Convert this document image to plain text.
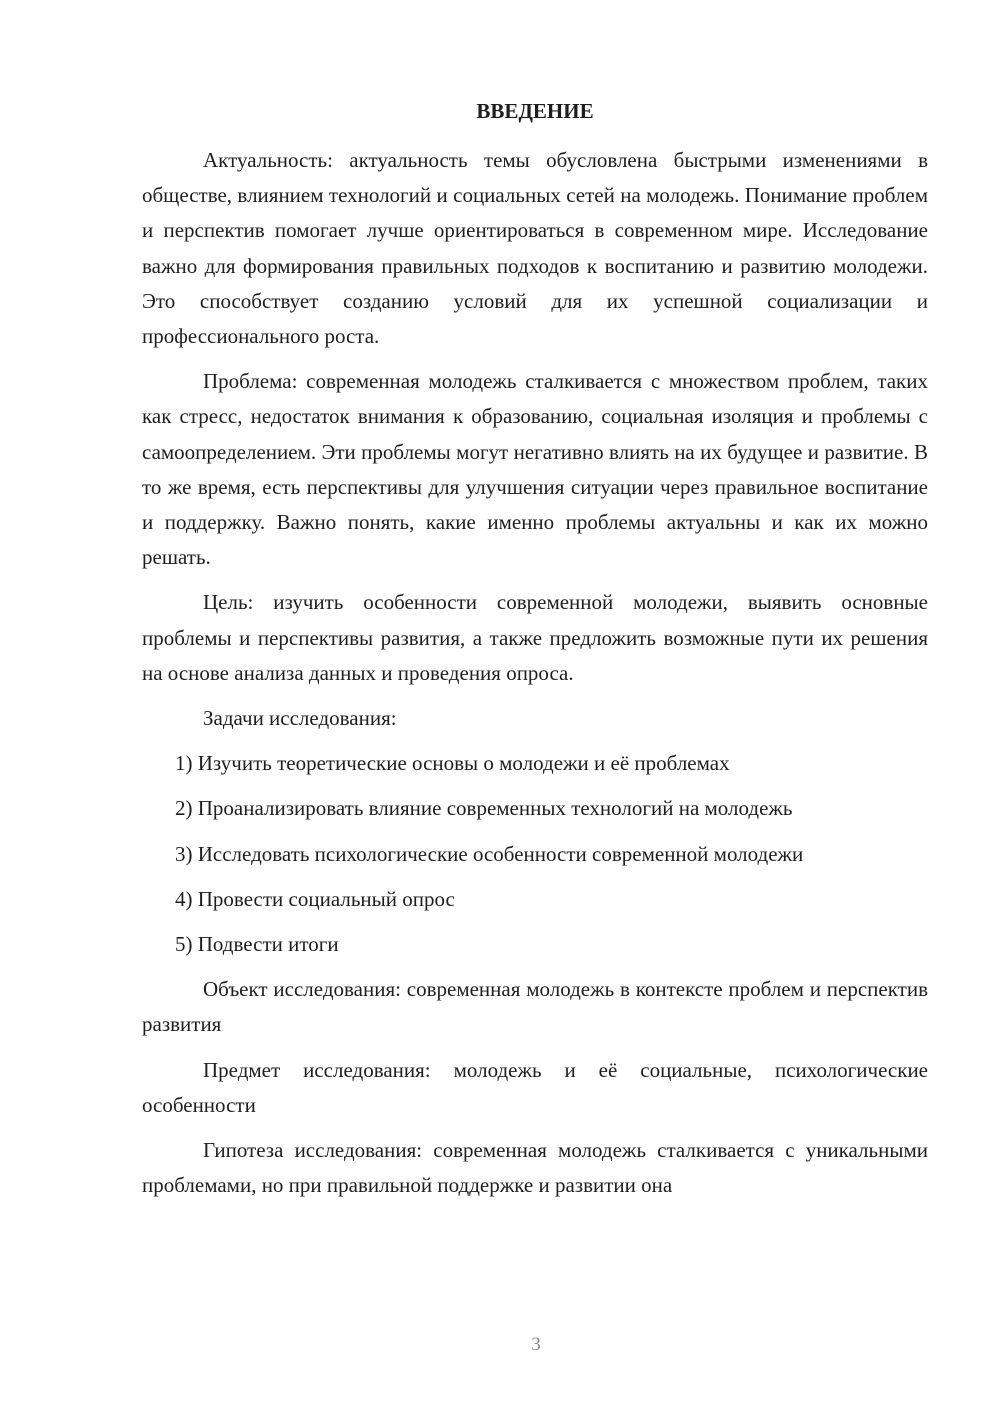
ВВЕДЕНИЕ

Актуальность: актуальность темы обусловлена быстрыми изменениями в обществе, влиянием технологий и социальных сетей на молодежь. Понимание проблем и перспектив помогает лучше ориентироваться в современном мире. Исследование важно для формирования правильных подходов к воспитанию и развитию молодежи. Это способствует созданию условий для их успешной социализации и профессионального роста.

Проблема: современная молодежь сталкивается с множеством проблем, таких как стресс, недостаток внимания к образованию, социальная изоляция и проблемы с самоопределением. Эти проблемы могут негативно влиять на их будущее и развитие. В то же время, есть перспективы для улучшения ситуации через правильное воспитание и поддержку. Важно понять, какие именно проблемы актуальны и как их можно решать.

Цель: изучить особенности современной молодежи, выявить основные проблемы и перспективы развития, а также предложить возможные пути их решения на основе анализа данных и проведения опроса.

Задачи исследования:

1) Изучить теоретические основы о молодежи и её проблемах
2) Проанализировать влияние современных технологий на молодежь
3) Исследовать психологические особенности современной молодежи
4) Провести социальный опрос
5) Подвести итоги

Объект исследования: современная молодежь в контексте проблем и перспектив развития

Предмет исследования: молодежь и её социальные, психологические особенности

Гипотеза исследования: современная молодежь сталкивается с уникальными проблемами, но при правильной поддержке и развитии она

3
